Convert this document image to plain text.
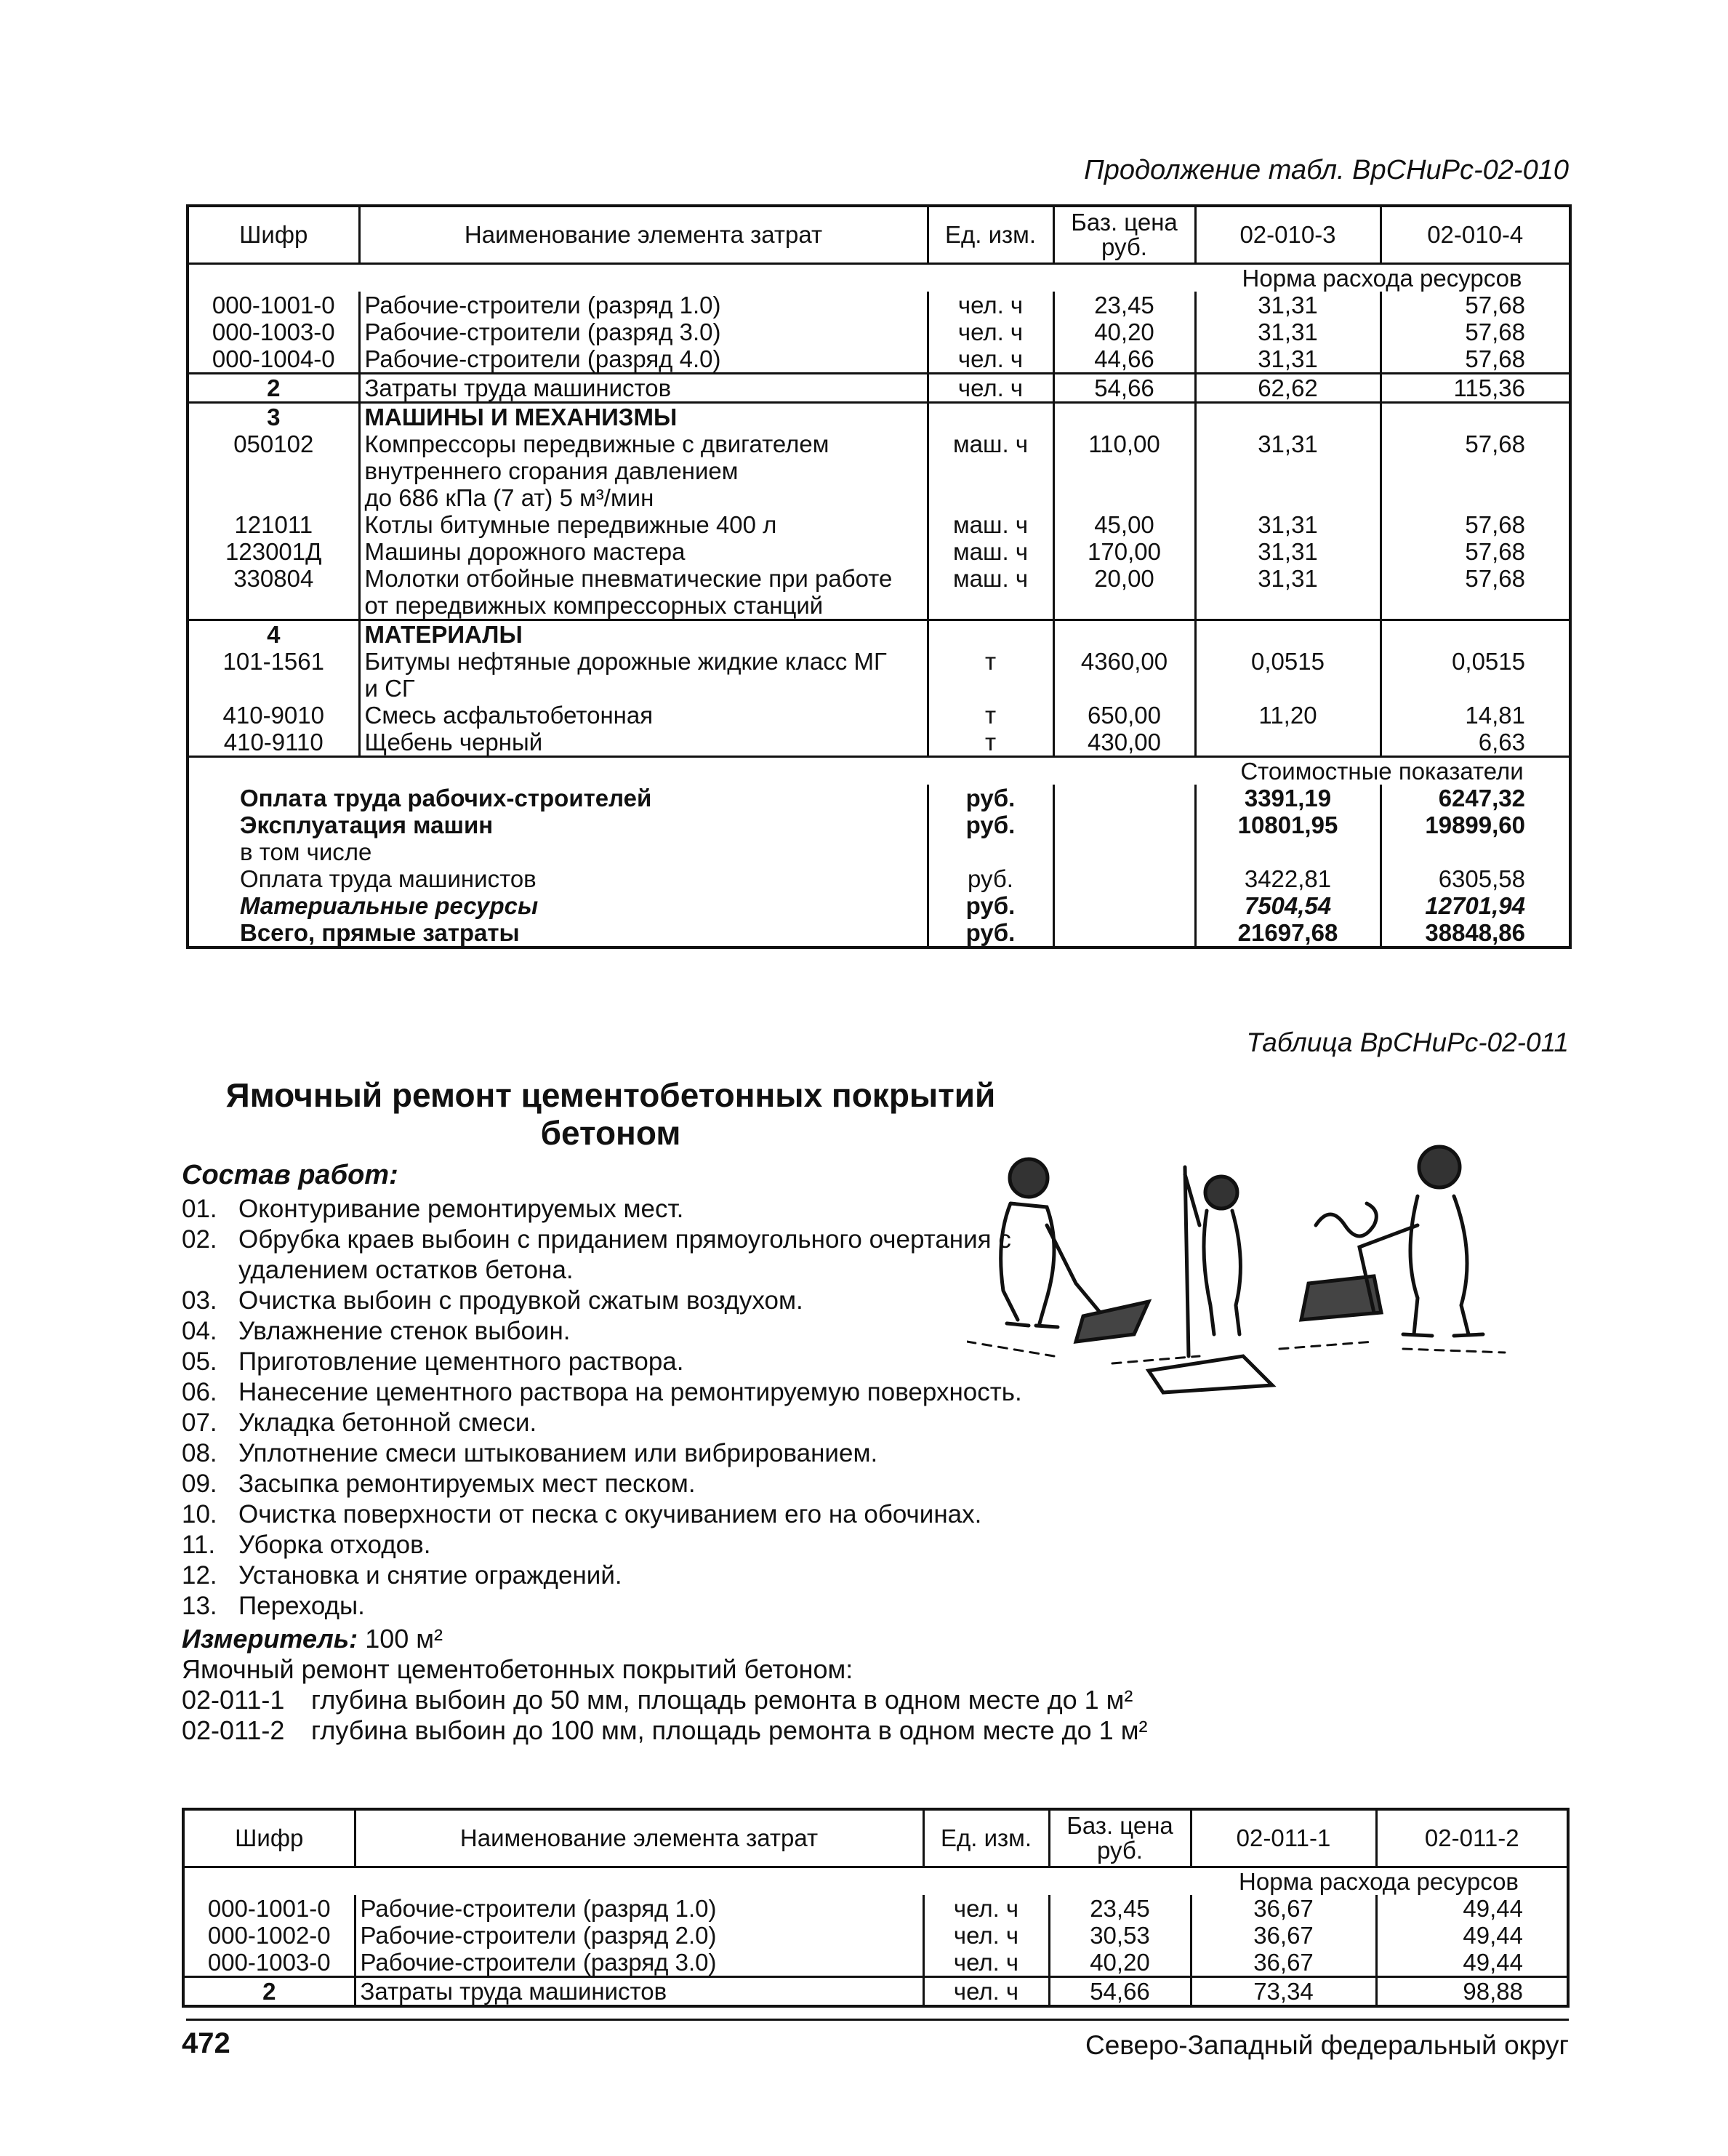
Продолжение табл. ВрСНиРс-02-010
Шифр	Наименование элемента затрат	Ед. изм.	Баз. цена руб.	02-010-3	02-010-4
				Норма расхода ресурсов	
000-1001-0	Рабочие-строители (разряд 1.0)	чел. ч	23,45	31,31	57,68
000-1003-0	Рабочие-строители (разряд 3.0)	чел. ч	40,20	31,31	57,68
000-1004-0	Рабочие-строители (разряд 4.0)	чел. ч	44,66	31,31	57,68
2	Затраты труда машинистов	чел. ч	54,66	62,62	115,36
3	МАШИНЫ И МЕХАНИЗМЫ				
050102	Компрессоры передвижные с двигателем
внутреннего сгорания давлением
до 686 кПа (7 ат) 5 м³/мин	маш. ч	110,00	31,31	57,68
121011	Котлы битумные передвижные 400 л	маш. ч	45,00	31,31	57,68
123001Д	Машины дорожного мастера	маш. ч	170,00	31,31	57,68
330804	Молотки отбойные пневматические при работе
от передвижных компрессорных станций	маш. ч	20,00	31,31	57,68
4	МАТЕРИАЛЫ				
101-1561	Битумы нефтяные дорожные жидкие класс МГ
и СГ	т	4360,00	0,0515	0,0515
410-9010	Смесь асфальтобетонная	т	650,00	11,20	14,81
410-9110	Щебень черный	т	430,00		6,63
				Стоимостные показатели	
Оплата труда рабочих-строителей		руб.		3391,19	6247,32
Эксплуатация машин		руб.		10801,95	19899,60
в том числе					
Оплата труда машинистов		руб.		3422,81	6305,58
Материальные ресурсы		руб.		7504,54	12701,94
Всего, прямые затраты		руб.		21697,68	38848,86
Таблица ВрСНиРс-02-011
Ямочный ремонт цементобетонных покрытий
бетоном
Состав работ:
01. Оконтуривание ремонтируемых мест.
02. Обрубка краев выбоин с приданием прямоугольного очертания с удалением остатков бетона.
03. Очистка выбоин с продувкой сжатым воздухом.
04. Увлажнение стенок выбоин.
05. Приготовление цементного раствора.
06. Нанесение цементного раствора на ремонтируемую поверхность.
07. Укладка бетонной смеси.
08. Уплотнение смеси штыкованием или вибрированием.
09. Засыпка ремонтируемых мест песком.
10. Очистка поверхности от песка с окучиванием его на обочинах.
11. Уборка отходов.
12. Установка и снятие ограждений.
13. Переходы.
Измеритель: 100 м²
Ямочный ремонт цементобетонных покрытий бетоном:
02-011-1	глубина выбоин до 50 мм, площадь ремонта в одном месте до 1 м²
02-011-2	глубина выбоин до 100 мм, площадь ремонта в одном месте до 1 м²
Шифр	Наименование элемента затрат	Ед. изм.	Баз. цена руб.	02-011-1	02-011-2
				Норма расхода ресурсов	
000-1001-0	Рабочие-строители (разряд 1.0)	чел. ч	23,45	36,67	49,44
000-1002-0	Рабочие-строители (разряд 2.0)	чел. ч	30,53	36,67	49,44
000-1003-0	Рабочие-строители (разряд 3.0)	чел. ч	40,20	36,67	49,44
2	Затраты труда машинистов	чел. ч	54,66	73,34	98,88
472	Северо-Западный федеральный округ
